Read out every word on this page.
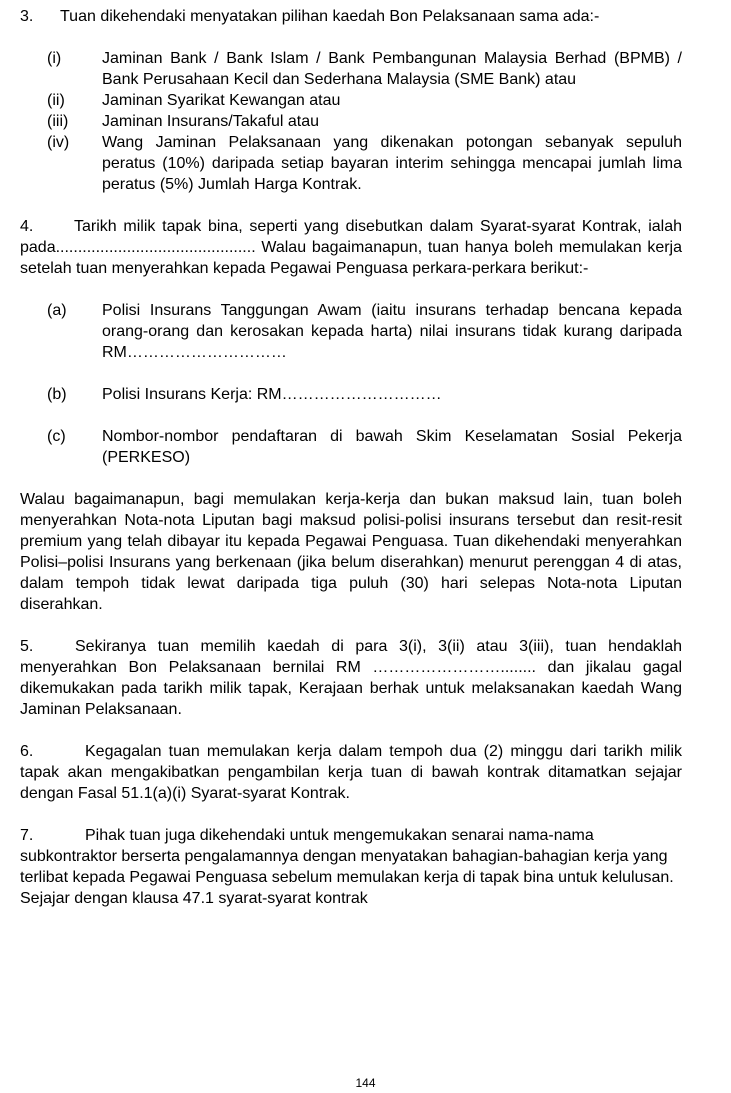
3. Tuan dikehendaki menyatakan pilihan kaedah Bon Pelaksanaan sama ada:-

(i)	Jaminan Bank / Bank Islam / Bank Pembangunan Malaysia Berhad (BPMB) / Bank Perusahaan Kecil dan Sederhana Malaysia (SME Bank) atau
(ii)	Jaminan Syarikat Kewangan atau
(iii)	Jaminan Insurans/Takaful atau
(iv)	Wang Jaminan Pelaksanaan yang dikenakan potongan sebanyak sepuluh peratus (10%) daripada setiap bayaran interim sehingga mencapai jumlah lima peratus (5%) Jumlah Harga Kontrak.

4.	Tarikh milik tapak bina, seperti yang disebutkan dalam Syarat-syarat Kontrak, ialah pada............................................. Walau bagaimanapun, tuan hanya boleh memulakan kerja setelah tuan menyerahkan kepada Pegawai Penguasa perkara-perkara berikut:-

(a)	Polisi Insurans Tanggungan Awam (iaitu insurans terhadap bencana kepada orang-orang dan kerosakan kepada harta) nilai insurans tidak kurang daripada RM…………………………
(b)	Polisi Insurans Kerja: RM…………………………
(c)	Nombor-nombor pendaftaran di bawah Skim Keselamatan Sosial Pekerja (PERKESO)

Walau bagaimanapun, bagi memulakan kerja-kerja dan bukan maksud lain, tuan boleh menyerahkan Nota-nota Liputan bagi maksud polisi-polisi insurans tersebut dan resit-resit premium yang telah dibayar itu kepada Pegawai Penguasa. Tuan dikehendaki menyerahkan Polisi–polisi Insurans yang berkenaan (jika belum diserahkan) menurut perenggan 4 di atas, dalam tempoh tidak lewat daripada tiga puluh (30) hari selepas Nota-nota Liputan diserahkan.

5.	Sekiranya tuan memilih kaedah di para 3(i), 3(ii) atau 3(iii), tuan hendaklah menyerahkan Bon Pelaksanaan bernilai RM ……………………........ dan jikalau gagal dikemukakan pada tarikh milik tapak, Kerajaan berhak untuk melaksanakan kaedah Wang Jaminan Pelaksanaan.

6.	Kegagalan tuan memulakan kerja dalam tempoh dua (2) minggu dari tarikh milik tapak akan mengakibatkan pengambilan kerja tuan di bawah kontrak ditamatkan sejajar dengan Fasal 51.1(a)(i) Syarat-syarat Kontrak.

7.	Pihak tuan juga dikehendaki untuk mengemukakan senarai nama-nama subkontraktor berserta pengalamannya dengan menyatakan bahagian-bahagian kerja yang terlibat kepada Pegawai Penguasa sebelum memulakan kerja di tapak bina untuk kelulusan. Sejajar dengan klausa 47.1 syarat-syarat kontrak

144
